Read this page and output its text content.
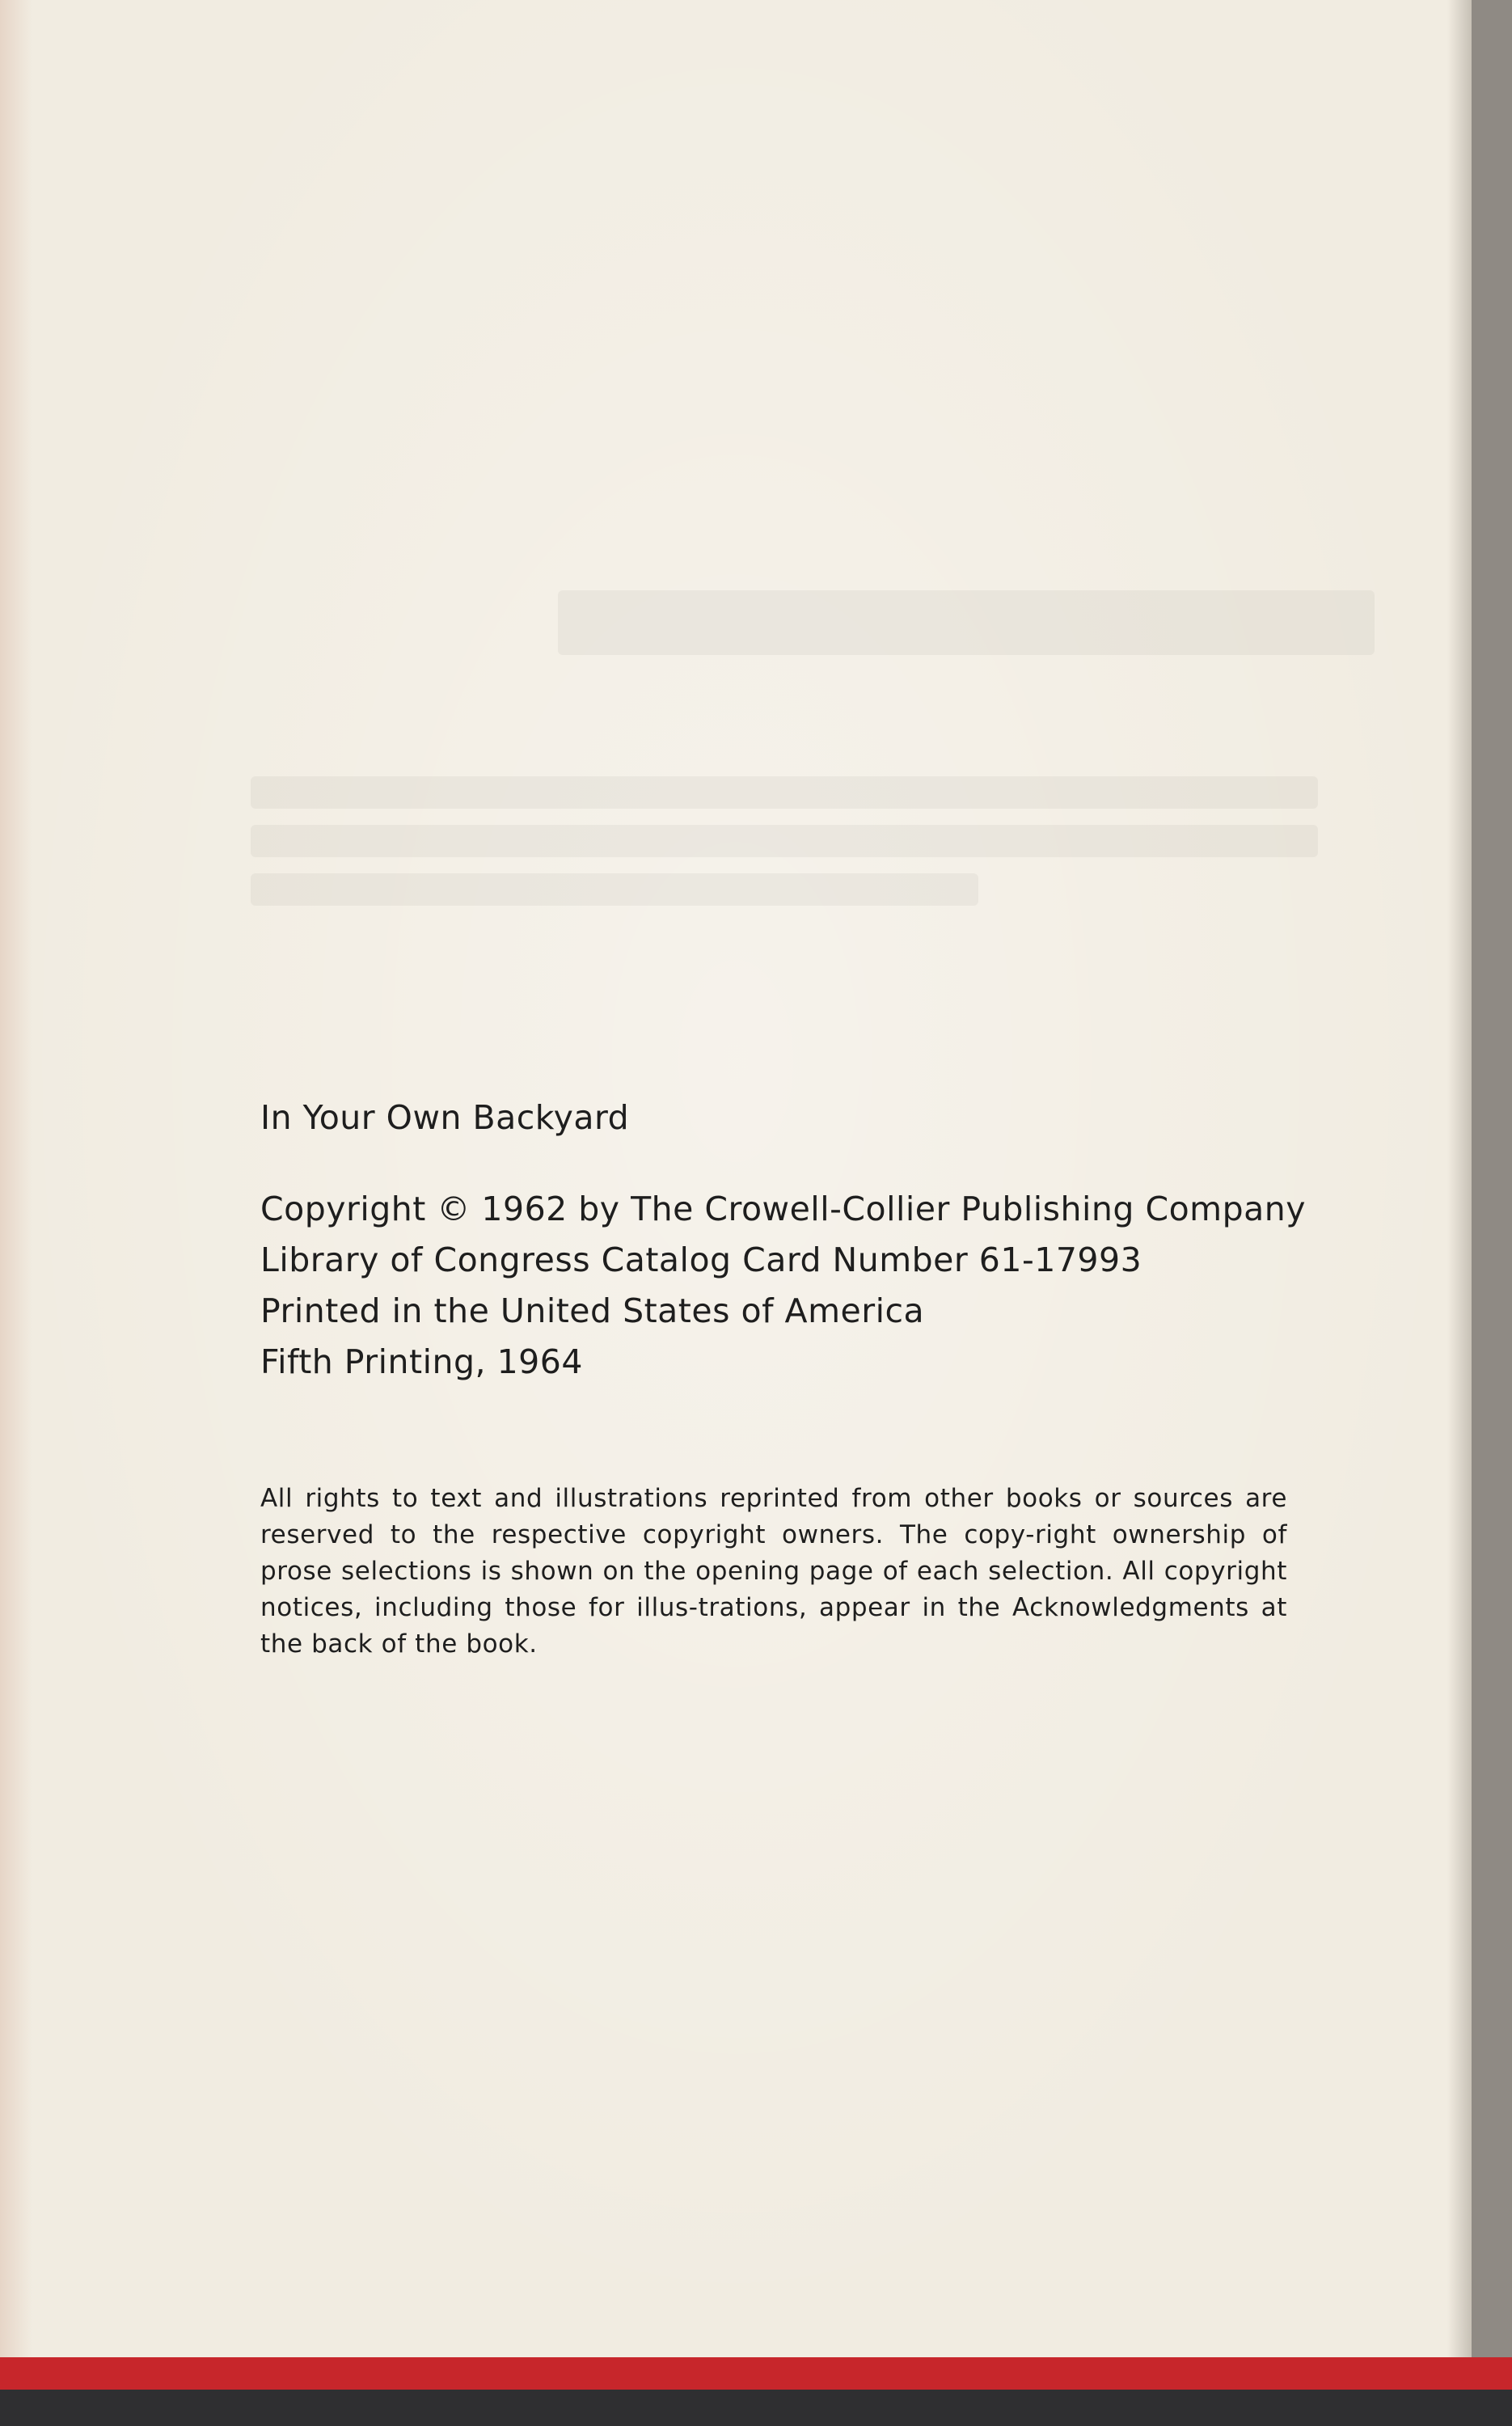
In Your Own Backyard

Copyright © 1962 by The Crowell-Collier Publishing Company

Library of Congress Catalog Card Number 61-17993

Printed in the United States of America

Fifth Printing, 1964

All rights to text and illustrations reprinted from other books or sources are reserved to the respective copyright owners. The copy-right ownership of prose selections is shown on the opening page of each selection. All copyright notices, including those for illus-trations, appear in the Acknowledgments at the back of the book.
